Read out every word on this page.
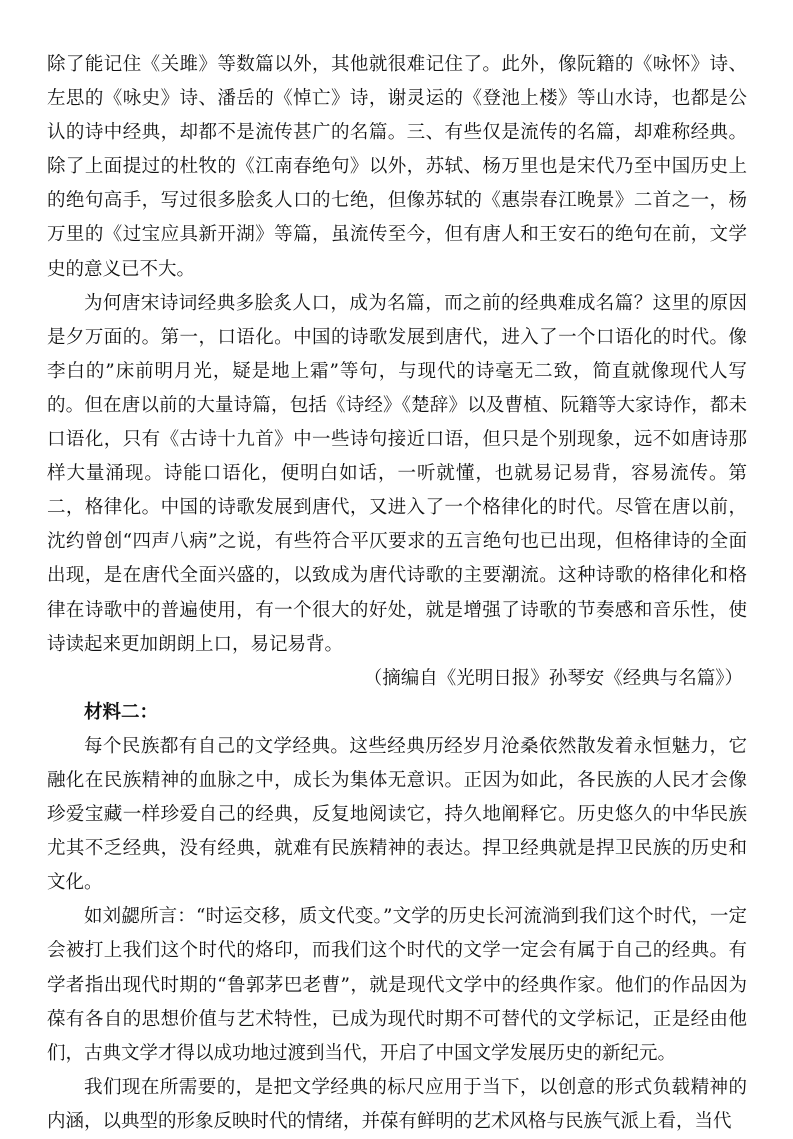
除了能记住《关雎》等数篇以外，其他就很难记住了。此外，像阮籍的《咏怀》诗、左思的《咏史》诗、潘岳的《悼亡》诗，谢灵运的《登池上楼》等山水诗，也都是公认的诗中经典，却都不是流传甚广的名篇。三、有些仅是流传的名篇，却难称经典。除了上面提过的杜牧的《江南春绝句》以外，苏轼、杨万里也是宋代乃至中国历史上的绝句高手，写过很多脍炙人口的七绝，但像苏轼的《惠崇春江晚景》二首之一，杨万里的《过宝应具新开湖》等篇，虽流传至今，但有唐人和王安石的绝句在前，文学史的意义已不大。

为何唐宋诗词经典多脍炙人口，成为名篇，而之前的经典难成名篇？这里的原因是夕万面的。第一，口语化。中国的诗歌发展到唐代，进入了一个口语化的时代。像李白的”床前明月光，疑是地上霜”等句，与现代的诗毫无二致，简直就像现代人写的。但在唐以前的大量诗篇，包括《诗经》《楚辞》以及曹植、阮籍等大家诗作，都未口语化，只有《古诗十九首》中一些诗句接近口语，但只是个别现象，远不如唐诗那样大量涌现。诗能口语化，便明白如话，一听就懂，也就易记易背，容易流传。第二，格律化。中国的诗歌发展到唐代，又进入了一个格律化的时代。尽管在唐以前，沈约曾创“四声八病”之说，有些符合平仄要求的五言绝句也已出现，但格律诗的全面出现，是在唐代全面兴盛的，以致成为唐代诗歌的主要潮流。这种诗歌的格律化和格律在诗歌中的普遍使用，有一个很大的好处，就是增强了诗歌的节奏感和音乐性，使诗读起来更加朗朗上口，易记易背。

（摘编自《光明日报》孙琴安《经典与名篇》）

材料二：

每个民族都有自己的文学经典。这些经典历经岁月沧桑依然散发着永恒魅力，它融化在民族精神的血脉之中，成长为集体无意识。正因为如此，各民族的人民才会像珍爱宝藏一样珍爱自己的经典，反复地阅读它，持久地阐释它。历史悠久的中华民族尤其不乏经典，没有经典，就难有民族精神的表达。捍卫经典就是捍卫民族的历史和文化。

如刘勰所言：“时运交移，质文代变。”文学的历史长河流淌到我们这个时代，一定会被打上我们这个时代的烙印，而我们这个时代的文学一定会有属于自己的经典。有学者指出现代时期的“鲁郭茅巴老曹”，就是现代文学中的经典作家。他们的作品因为葆有各自的思想价值与艺术特性，已成为现代时期不可替代的文学标记，正是经由他们，古典文学才得以成功地过渡到当代，开启了中国文学发展历史的新纪元。

我们现在所需要的，是把文学经典的标尺应用于当下，以创意的形式负载精神的内涵，以典型的形象反映时代的情绪，并葆有鲜明的艺术风格与民族气派上看，当代
